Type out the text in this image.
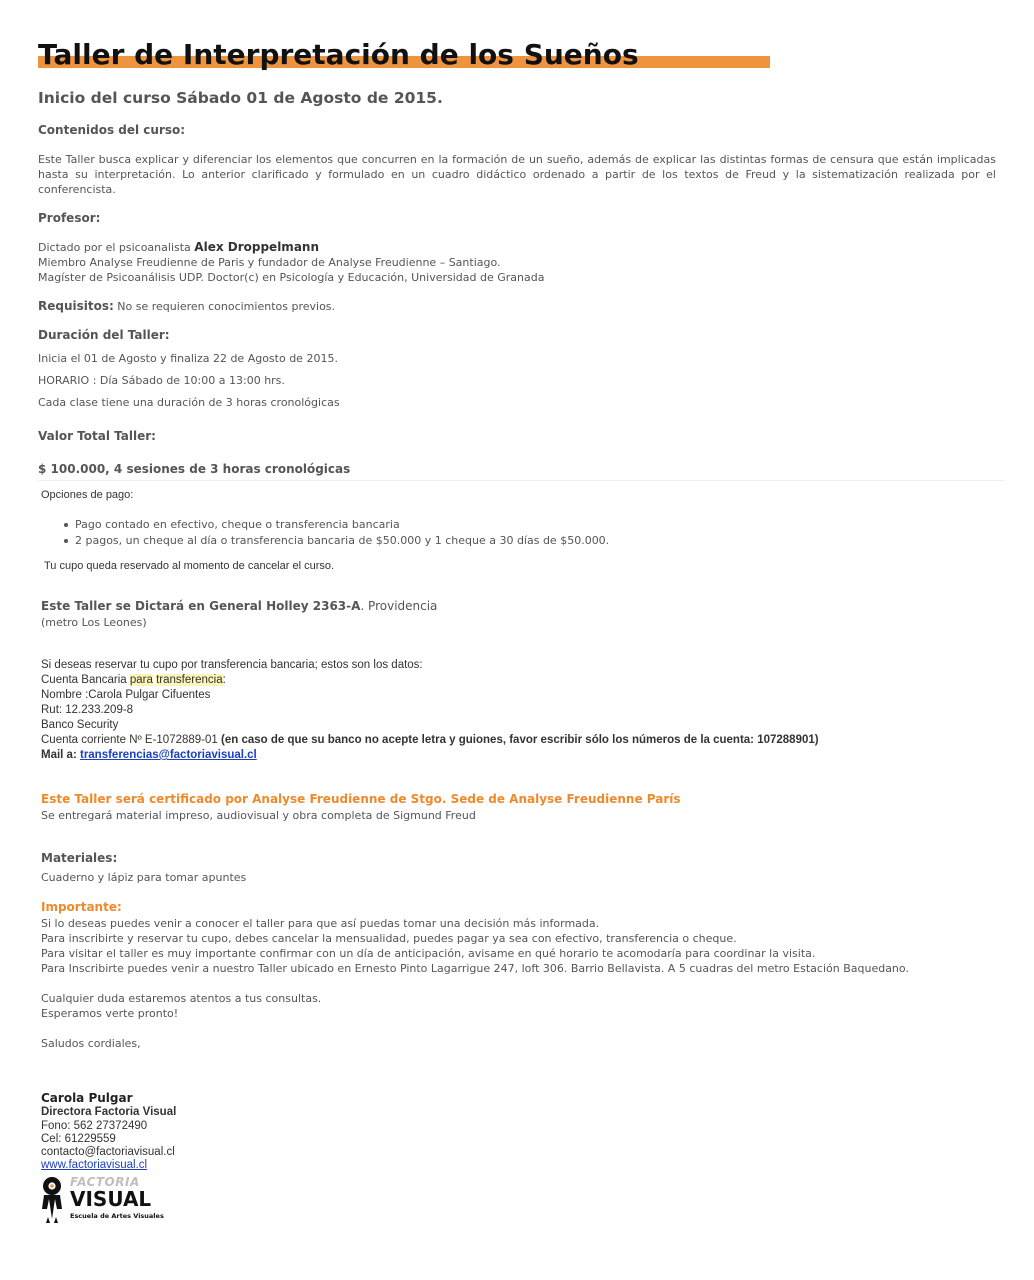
Taller de Interpretación de los Sueños
Inicio del curso Sábado 01 de Agosto de 2015.
Contenidos del curso:
Este Taller busca explicar y diferenciar los elementos que concurren en la formación de un sueño, además de explicar las distintas formas de censura que están implicadas hasta su interpretación. Lo anterior clarificado y formulado en un cuadro didáctico ordenado a partir de los textos de Freud y la sistematización realizada por el conferencista.
Profesor:
Dictado por el psicoanalista Alex Droppelmann
Miembro Analyse Freudienne de Paris y fundador de Analyse Freudienne – Santiago.
Magíster de Psicoanálisis UDP. Doctor(c) en Psicología y Educación, Universidad de Granada
Requisitos: No se requieren conocimientos previos.
Duración del Taller:
Inicia el 01 de Agosto y finaliza 22 de Agosto de 2015.
HORARIO : Día Sábado de 10:00 a 13:00 hrs.
Cada clase tiene una duración de 3 horas cronológicas
Valor Total Taller:
$ 100.000, 4 sesiones de 3 horas cronológicas
Opciones de pago:
Pago contado en efectivo, cheque o transferencia bancaria
2 pagos, un cheque al día o transferencia bancaria de $50.000 y 1 cheque a 30 días de $50.000.
Tu cupo queda reservado al momento de cancelar el curso.
Este Taller se Dictará en General Holley 2363-A. Providencia
(metro Los Leones)
Si deseas reservar tu cupo por transferencia bancaria; estos son los datos:
Cuenta Bancaria para transferencia:
Nombre :Carola Pulgar Cifuentes
Rut: 12.233.209-8
Banco Security
Cuenta corriente Nº E-1072889-01 (en caso de que su banco no acepte letra y guiones, favor escribir sólo los números de la cuenta: 107288901)
Mail a: transferencias@factoriavisual.cl
Este Taller será certificado por Analyse Freudienne de Stgo. Sede de Analyse Freudienne París
Se entregará material impreso, audiovisual y obra completa de Sigmund Freud
Materiales:
Cuaderno y lápiz para tomar apuntes
Importante:
Si lo deseas puedes venir a conocer el taller para que así puedas tomar una decisión más informada.
Para inscribirte y reservar tu cupo, debes cancelar la mensualidad, puedes pagar ya sea con efectivo, transferencia o cheque.
Para visitar el taller es muy importante confirmar con un día de anticipación, avisame en qué horario te acomodaría para coordinar la visita.
Para Inscribirte puedes venir a nuestro Taller ubicado en Ernesto Pinto Lagarrigue 247, loft 306. Barrio Bellavista. A 5 cuadras del metro Estación Baquedano.
Cualquier duda estaremos atentos a tus consultas.
Esperamos verte pronto!
Saludos cordiales,
Carola Pulgar
Directora Factoria Visual
Fono: 562 27372490
Cel: 61229559
contacto@factoriavisual.cl
www.factoriavisual.cl
FACTORIA
VISUAL
Escuela de Artes Visuales
